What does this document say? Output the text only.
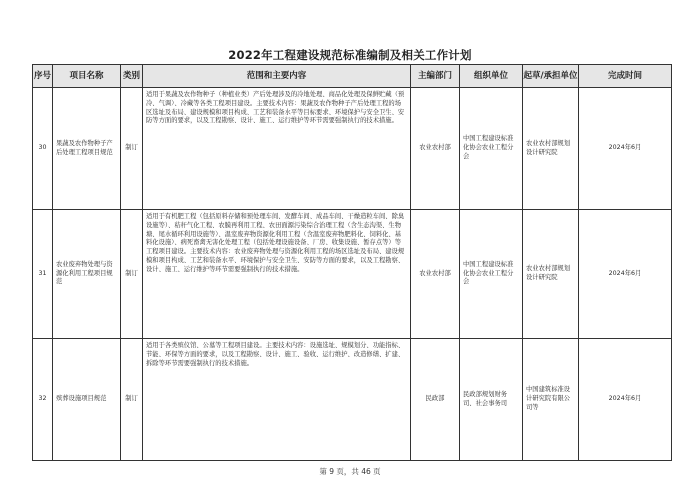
2022年工程建设规范标准编制及相关工作计划
序号	项目名称	类别	范围和主要内容	主编部门	组织单位	起草/承担单位	完成时间
30	果蔬及农作物种子产后处理工程项目规范	制订	适用于果蔬及农作物种子（种植业类）产后处理涉及的冷地处理、商品化处理及保鲜贮藏（预冷、气调）、冷藏等各类工程项目建设。主要技术内容：果蔬及农作物种子产后处理工程的场区选址及布局、建设规模和项目构成、工艺和装备水平等目标要求、环境保护与安全卫生、安防等方面的要求，以及工程勘察、设计、施工、运行维护等环节需要强制执行的技术措施。	农业农村部	中国工程建设标准化协会农业工程分会	农业农村部规划设计研究院	2024年6月
31	农业废弃物处理与资源化利用工程项目规范	制订	适用于有机肥工程（包括原料存储和预处理车间、发酵车间、成品车间、干燥造粒车间、除臭设施等）、秸秆气化工程、农膜再利用工程、农田面源污染综合治理工程（含生态沟渠、生物塘、尾水循环利用设施等）、温室废弃物资源化利用工程（含温室废弃物肥料化、饲料化、基料化设施）、病死畜禽无害化处理工程（包括处理设施设备、厂房、收集设施、暂存点等）等工程项目建设。主要技术内容：农业废弃物处理与资源化利用工程的场区选址及布局、建设规模和项目构成、工艺和装备水平、环境保护与安全卫生、安防等方面的要求，以及工程勘察、设计、施工、运行维护等环节需要强制执行的技术措施。	农业农村部	中国工程建设标准化协会农业工程分会	农业农村部规划设计研究院	2024年6月
32	殡葬设施项目规范	制订	适用于各类殡仪馆、公墓等工程项目建设。主要技术内容：设施选址、规模划分、功能指标、节能、环保等方面的要求，以及工程勘察、设计、施工、验收、运行维护、改造修缮、扩建、拆除等环节需要强制执行的技术措施。	民政部	民政部规划财务司、社会事务司	中国建筑标准设计研究院有限公司等	2024年6月
第 9 页，共 46 页
